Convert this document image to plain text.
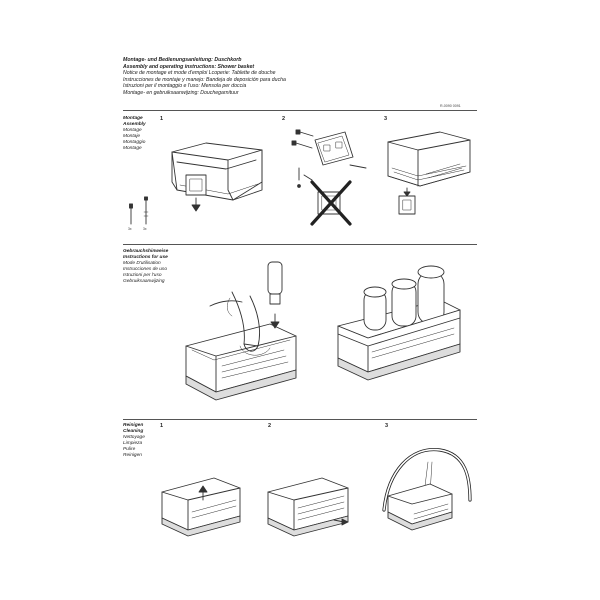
Montage- und Bedienungsanleitung: Duschkorb
Assembly and operating instructions: Shower basket
Notice de montage et mode d'emploi Lcoperie: Tablette de douche
Instrucciones de montaje y manejo: Bandeja de deposición para ducha
Istruzioni per il montaggio e l'uso: Mensola per doccia
Montage- en gebruiksaanwijzing: Douchegarnituur
R-0090 0091
Montage
Assembly
Montage
Montaje
Montaggio
Montage
1	2	3
3x	3x
Gebrauchshinweise
Instructions for use
Mode D'utilisation
Instrucciones de uso
Istruzioni per l'uso
Gebruiksaanwijzing
Reinigen
Cleaning
Nettoyage
Limpieza
Pulire
Reinigen
1	2	3
